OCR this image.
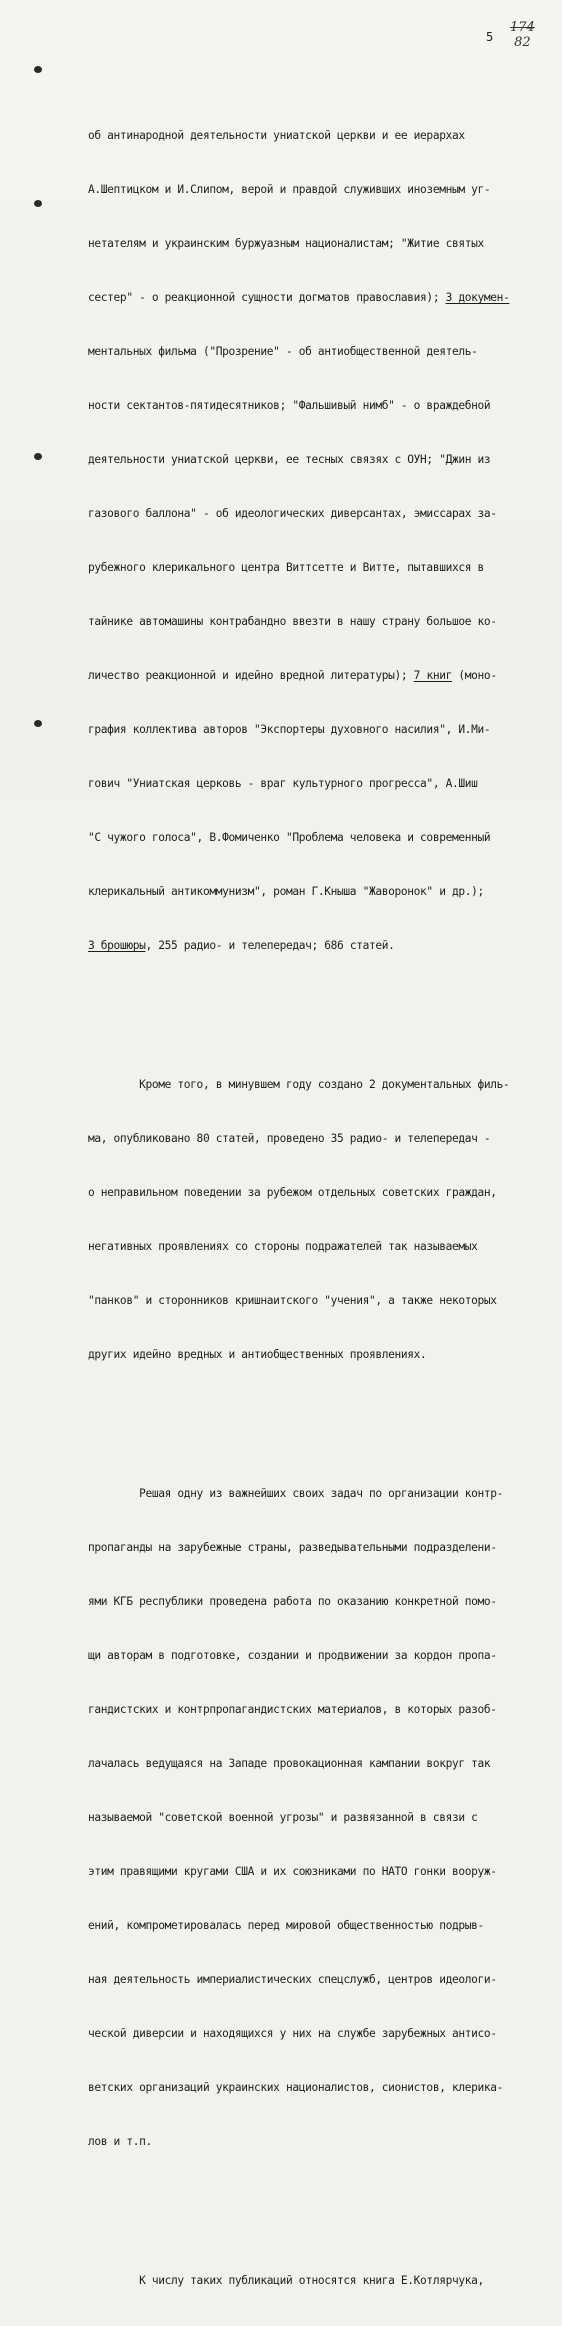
5
174
82

об антинародной деятельности униатской церкви и ее иерархах

А.Шептицком и И.Слипом, верой и правдой служивших иноземным уг-

нетателям и украинским буржуазным националистам; "Житие святых

сестер" - о реакционной сущности догматов православия); 3 докумен-

ментальных фильма ("Прозрение" - об антиобщественной деятель-

ности сектантов-пятидесятников; "Фальшивый нимб" - о враждебной

деятельности униатской церкви, ее тесных связях с ОУН; "Джин из

газового баллона" - об идеологических диверсантах, эмиссарах за-

рубежного клерикального центра Виттсетте и Витте, пытавшихся в

тайнике автомашины контрабандно ввезти в нашу страну большое ко-

личество реакционной и идейно вредной литературы); 7 книг (моно-

графия коллектива авторов "Экспортеры духовного насилия", И.Ми-

гович "Униатская церковь - враг культурного прогресса", А.Шиш

"С чужого голоса", В.Фомиченко "Проблема человека и современный

клерикальный антикоммунизм", роман Г.Кныша "Жаворонок" и др.);

3 брошюры, 255 радио- и телепередач; 686 статей.

Кроме того, в минувшем году создано 2 документальных филь-

ма, опубликовано 80 статей, проведено 35 радио- и телепередач -

о неправильном поведении за рубежом отдельных советских граждан,

негативных проявлениях со стороны подражателей так называемых

"панков" и сторонников кришнаитского "учения", а также некоторых

других идейно вредных и антиобщественных проявлениях.

Решая одну из важнейших своих задач по организации контр-

пропаганды на зарубежные страны, разведывательными подразделени-

ями КГБ республики проведена работа по оказанию конкретной помо-

щи авторам в подготовке, создании и продвижении за кордон пропа-

гандистских и контрпропагандистских материалов, в которых разоб-

лачалась ведущаяся на Западе провокационная кампании вокруг так

называемой "советской военной угрозы" и развязанной в связи с

этим правящими кругами США и их союзниками по НАТО гонки вооруж-

ений, компрометировалась перед мировой общественностью подрыв-

ная деятельность империалистических спецслужб, центров идеологи-

ческой диверсии и находящихся у них на службе зарубежных антисо-

ветских организаций украинских националистов, сионистов, клерика-

лов и т.п.

К числу таких публикаций относятся книга Е.Котлярчука,
